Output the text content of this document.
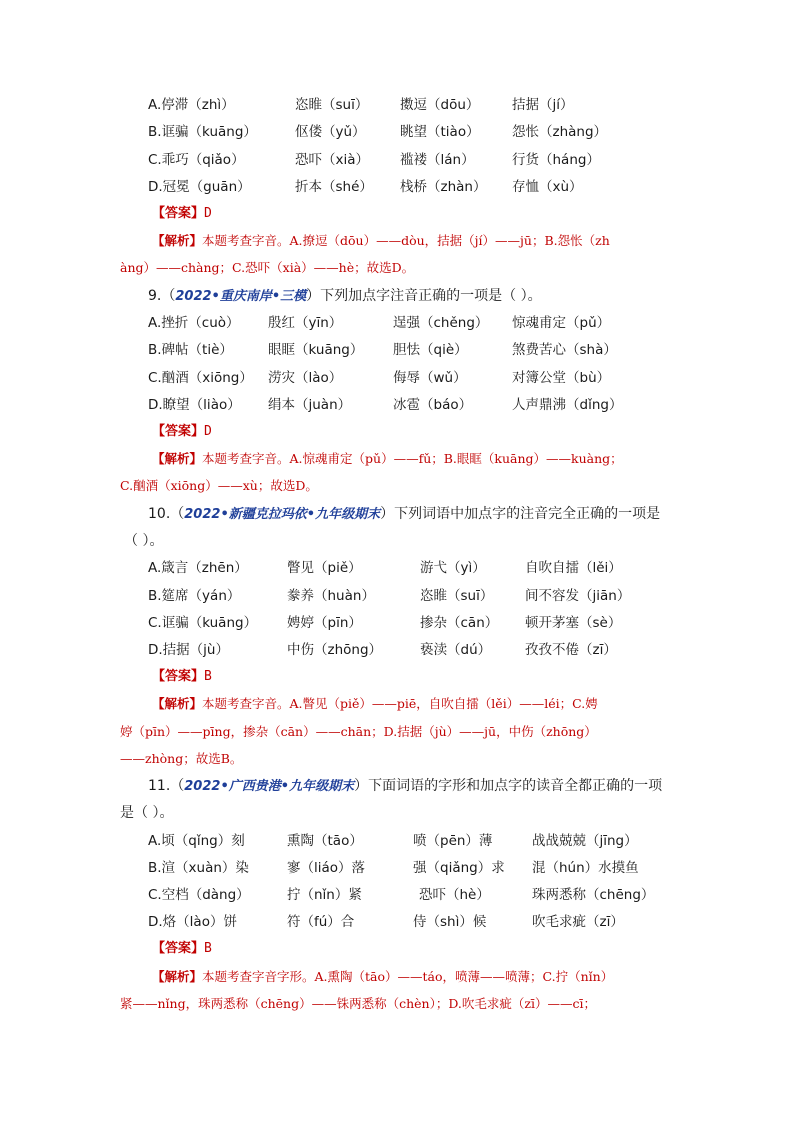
A.停滞（zhì）	恣睢（suī） 擞逗（dōu） 拮据（jí）
B.诓骗（kuāng）	伛偻（yǔ）	眺望（tiào） 怨怅（zhàng）
C.乖巧（qiǎo）	恐吓（xià） 褴褛（lán）	行货（háng）
D.冠冕（guān）	折本（shé） 栈桥（zhàn） 存恤（xù）
【答案】D
【解析】本题考查字音。A.撩逗（dōu）——dòu，拮据（jí）——jū；B.怨怅（zh
àng）——chàng；C.恐吓（xià）——hè；故选D。
9.（2022•重庆南岸•三模）下列加点字注音正确的一项是（ ）。
A.挫折（cuò） 殷红（yīn）	逞强（chěng） 惊魂甫定（pǔ）
B.碑帖（tiè）	眼眶（kuāng） 胆怯（qiè）	煞费苦心（shà）
C.酗酒（xiōng） 涝灾（lào）	侮辱（wǔ）	对簿公堂（bù）
D.瞭望（liào） 绢本（juàn）	冰雹（báo）	人声鼎沸（dǐng）
【答案】D
【解析】本题考查字音。A.惊魂甫定（pǔ）——fǔ；B.眼眶（kuāng）——kuàng；
C.酗酒（xiōng）——xù；故选D。
10.（2022•新疆克拉玛依•九年级期末）下列词语中加点字的注音完全正确的一项是
（ ）。
A.箴言（zhēn）	瞥见（piě）	游弋（yì）	自吹自擂（lěi）
B.筵席（yán）	豢养（huàn）	恣睢（suī） 间不容发（jiān）
C.诓骗（kuāng） 娉婷（pīn）	掺杂（cān） 顿开茅塞（sè）
D.拮据（jù）	中伤（zhōng）	亵渎（dú）	孜孜不倦（zī）
【答案】B
【解析】本题考查字音。A.瞥见（piě）——piē，自吹自擂（lěi）——léi；C.娉
婷（pīn）——pīng，掺杂（cān）——chān；D.拮据（jù）——jū，中伤（zhōng）
——zhòng；故选B。
11.（2022•广西贵港•九年级期末）下面词语的字形和加点字的读音全都正确的一项
是（ ）。
A.顷（qǐng）刻	熏陶（tāo）	喷（pēn）薄	战战兢兢（jīng）
B.渲（xuàn）染	寥（liáo）落	强（qiǎng）求 混（hún）水摸鱼
C.空档（dàng）	拧（nǐn）紧	恐吓（hè）	珠两悉称（chēng）
D.烙（lào）饼	符（fú）合	侍（shì）候	吹毛求疵（zī）
【答案】B
【解析】本题考查字音字形。A.熏陶（tāo）——táo，喷薄——喷薄；C.拧（nǐn）
紧——nǐng，珠两悉称（chēng）——铢两悉称（chèn）；D.吹毛求疵（zī）——cī；
